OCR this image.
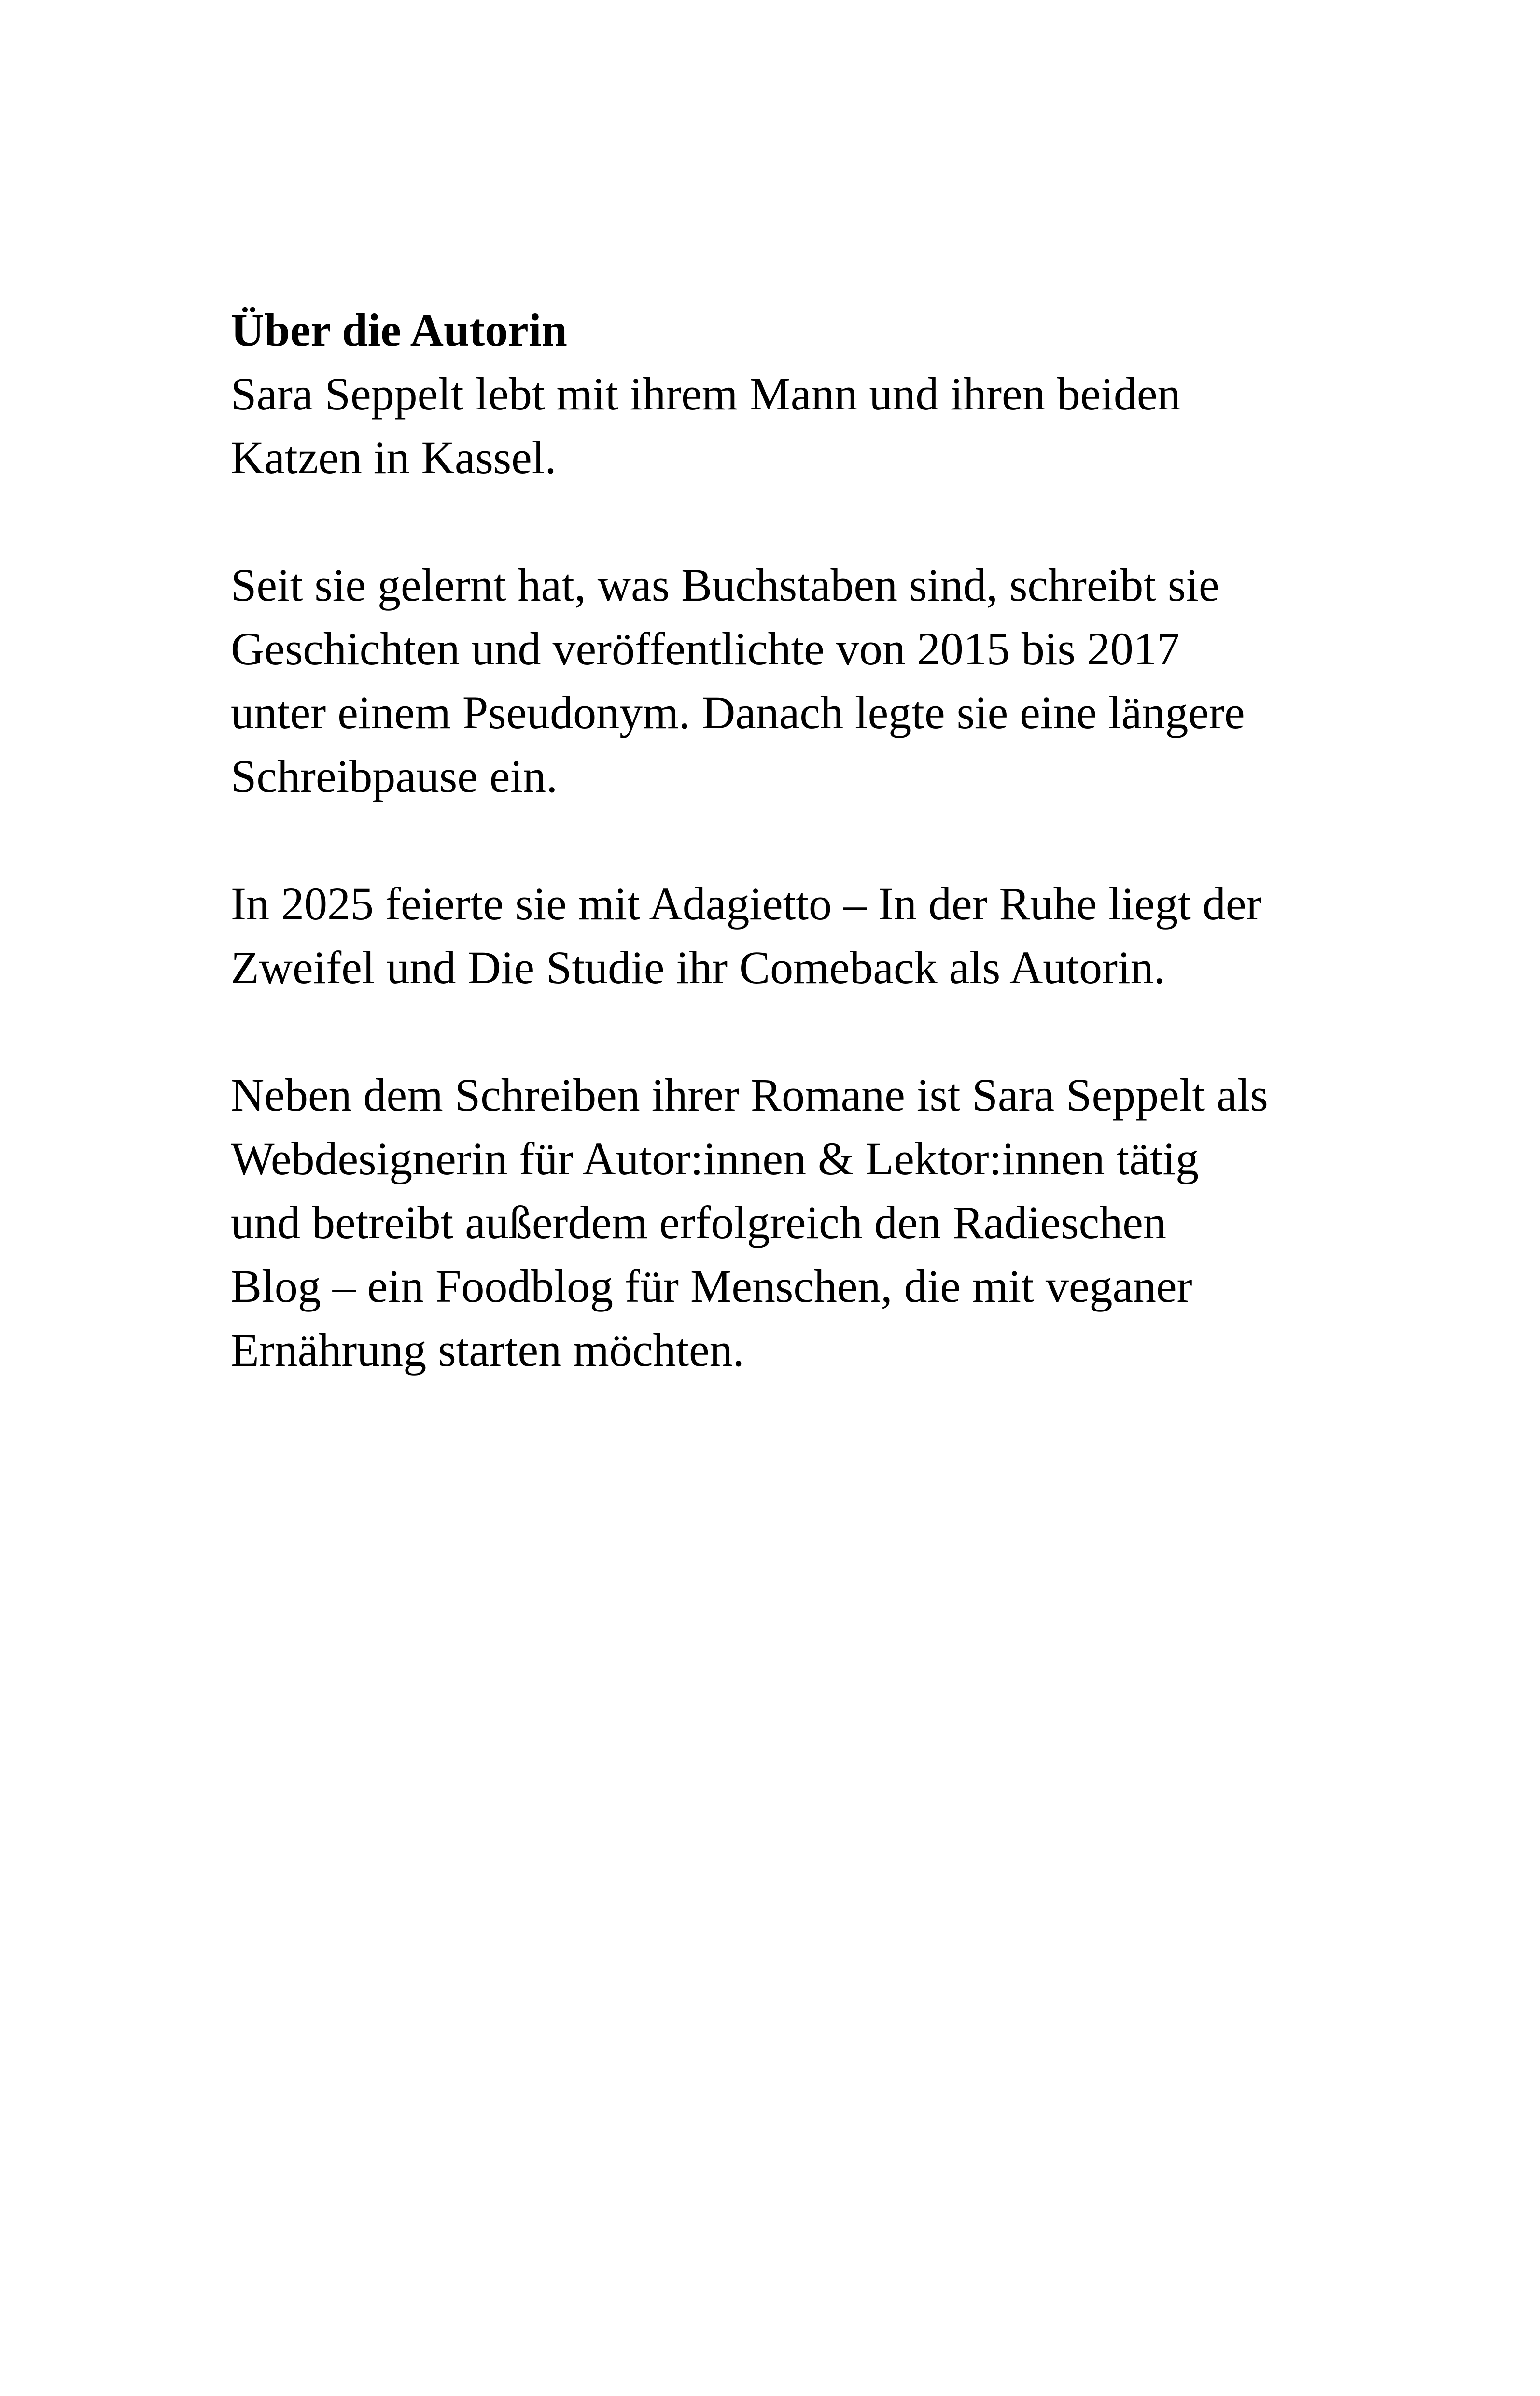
Über die Autorin

Sara Seppelt lebt mit ihrem Mann und ihren beiden
Katzen in Kassel.

Seit sie gelernt hat, was Buchstaben sind, schreibt sie
Geschichten und veröffentlichte von 2015 bis 2017
unter einem Pseudonym. Danach legte sie eine längere
Schreibpause ein.

In 2025 feierte sie mit Adagietto – In der Ruhe liegt der
Zweifel und Die Studie ihr Comeback als Autorin.

Neben dem Schreiben ihrer Romane ist Sara Seppelt als
Webdesignerin für Autor:innen & Lektor:innen tätig
und betreibt außerdem erfolgreich den Radieschen
Blog – ein Foodblog für Menschen, die mit veganer
Ernährung starten möchten.
